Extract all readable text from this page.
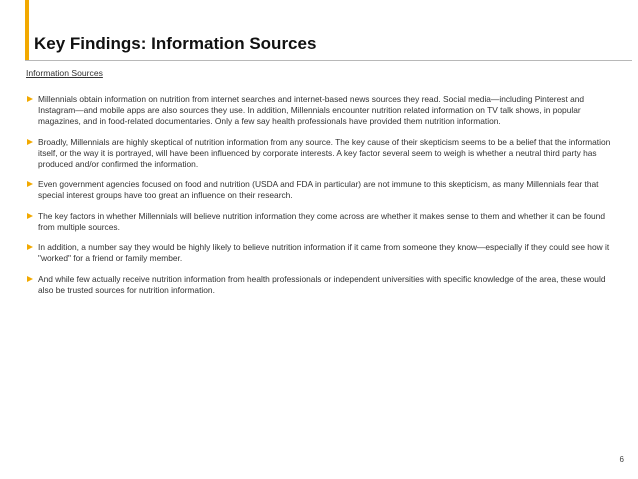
Key Findings: Information Sources
Information Sources
Millennials obtain information on nutrition from internet searches and internet-based news sources they read. Social media—including Pinterest and Instagram—and mobile apps are also sources they use. In addition, Millennials encounter nutrition related information on TV talk shows, in popular magazines, and in food-related documentaries. Only a few say health professionals have provided them nutrition information.
Broadly, Millennials are highly skeptical of nutrition information from any source. The key cause of their skepticism seems to be a belief that the information itself, or the way it is portrayed, will have been influenced by corporate interests. A key factor several seem to weigh is whether a neutral third party has produced and/or confirmed the information.
Even government agencies focused on food and nutrition (USDA and FDA in particular) are not immune to this skepticism, as many Millennials fear that special interest groups have too great an influence on their research.
The key factors in whether Millennials will believe nutrition information they come across are whether it makes sense to them and whether it can be found from multiple sources.
In addition, a number say they would be highly likely to believe nutrition information if it came from someone they know—especially if they could see how it "worked" for a friend or family member.
And while few actually receive nutrition information from health professionals or independent universities with specific knowledge of the area, these would also be trusted sources for nutrition information.
6
